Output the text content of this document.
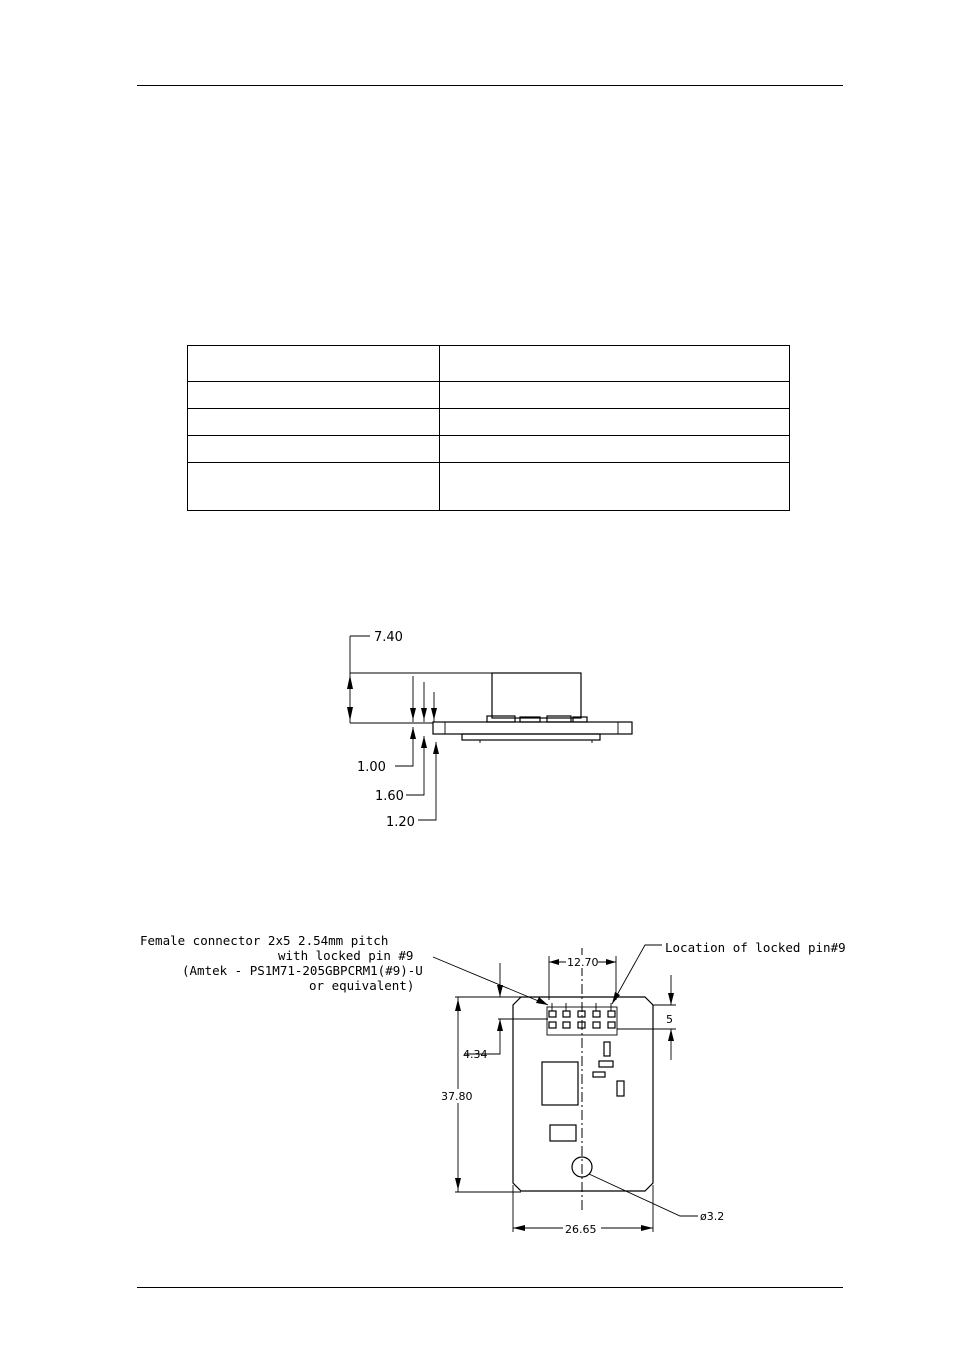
7.40
1.00
1.60
1.20
Female connector 2x5 2.54mm pitch
with locked pin #9
(Amtek - PS1M71-205GBPCRM1(#9)-U
or equivalent)
Location of locked pin#9
12.70
37.80
4.34
5
26.65
ø3.2
